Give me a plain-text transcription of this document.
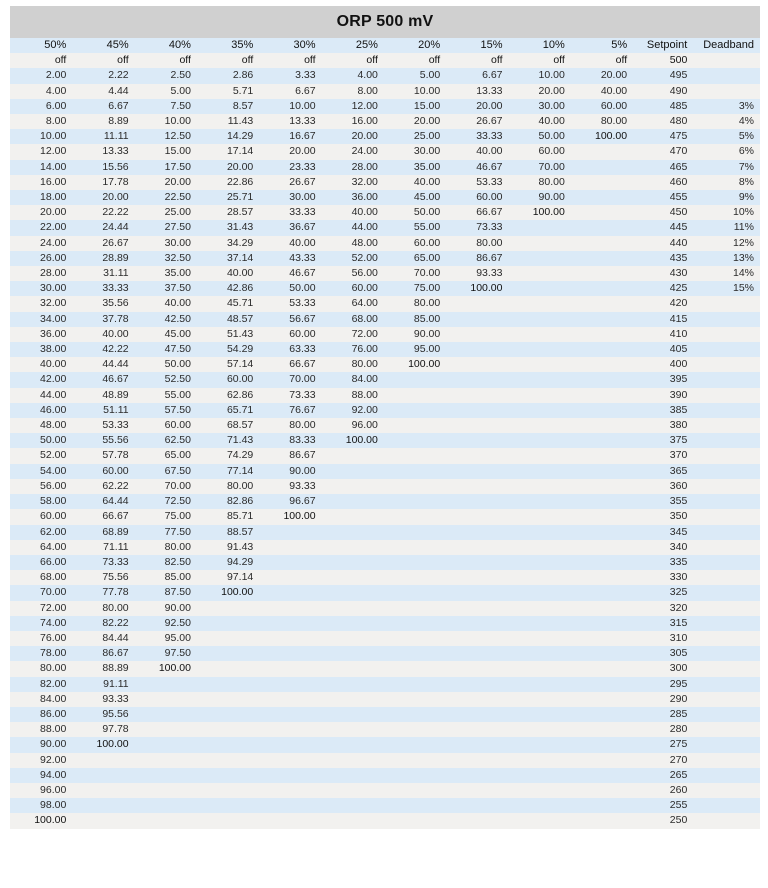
ORP 500 mV
50%	45%	40%	35%	30%	25%	20%	15%	10%	5%	Setpoint	Deadband
off	off	off	off	off	off	off	off	off	off	500	
2.00	2.22	2.50	2.86	3.33	4.00	5.00	6.67	10.00	20.00	495	
4.00	4.44	5.00	5.71	6.67	8.00	10.00	13.33	20.00	40.00	490	
6.00	6.67	7.50	8.57	10.00	12.00	15.00	20.00	30.00	60.00	485	3%
8.00	8.89	10.00	11.43	13.33	16.00	20.00	26.67	40.00	80.00	480	4%
10.00	11.11	12.50	14.29	16.67	20.00	25.00	33.33	50.00	100.00	475	5%
12.00	13.33	15.00	17.14	20.00	24.00	30.00	40.00	60.00		470	6%
14.00	15.56	17.50	20.00	23.33	28.00	35.00	46.67	70.00		465	7%
16.00	17.78	20.00	22.86	26.67	32.00	40.00	53.33	80.00		460	8%
18.00	20.00	22.50	25.71	30.00	36.00	45.00	60.00	90.00		455	9%
20.00	22.22	25.00	28.57	33.33	40.00	50.00	66.67	100.00		450	10%
22.00	24.44	27.50	31.43	36.67	44.00	55.00	73.33			445	11%
24.00	26.67	30.00	34.29	40.00	48.00	60.00	80.00			440	12%
26.00	28.89	32.50	37.14	43.33	52.00	65.00	86.67			435	13%
28.00	31.11	35.00	40.00	46.67	56.00	70.00	93.33			430	14%
30.00	33.33	37.50	42.86	50.00	60.00	75.00	100.00			425	15%
32.00	35.56	40.00	45.71	53.33	64.00	80.00				420	
34.00	37.78	42.50	48.57	56.67	68.00	85.00				415	
36.00	40.00	45.00	51.43	60.00	72.00	90.00				410	
38.00	42.22	47.50	54.29	63.33	76.00	95.00				405	
40.00	44.44	50.00	57.14	66.67	80.00	100.00				400	
42.00	46.67	52.50	60.00	70.00	84.00					395	
44.00	48.89	55.00	62.86	73.33	88.00					390	
46.00	51.11	57.50	65.71	76.67	92.00					385	
48.00	53.33	60.00	68.57	80.00	96.00					380	
50.00	55.56	62.50	71.43	83.33	100.00					375	
52.00	57.78	65.00	74.29	86.67						370	
54.00	60.00	67.50	77.14	90.00						365	
56.00	62.22	70.00	80.00	93.33						360	
58.00	64.44	72.50	82.86	96.67						355	
60.00	66.67	75.00	85.71	100.00						350	
62.00	68.89	77.50	88.57							345	
64.00	71.11	80.00	91.43							340	
66.00	73.33	82.50	94.29							335	
68.00	75.56	85.00	97.14							330	
70.00	77.78	87.50	100.00							325	
72.00	80.00	90.00								320	
74.00	82.22	92.50								315	
76.00	84.44	95.00								310	
78.00	86.67	97.50								305	
80.00	88.89	100.00								300	
82.00	91.11									295	
84.00	93.33									290	
86.00	95.56									285	
88.00	97.78									280	
90.00	100.00									275	
92.00										270	
94.00										265	
96.00										260	
98.00										255	
100.00										250	
